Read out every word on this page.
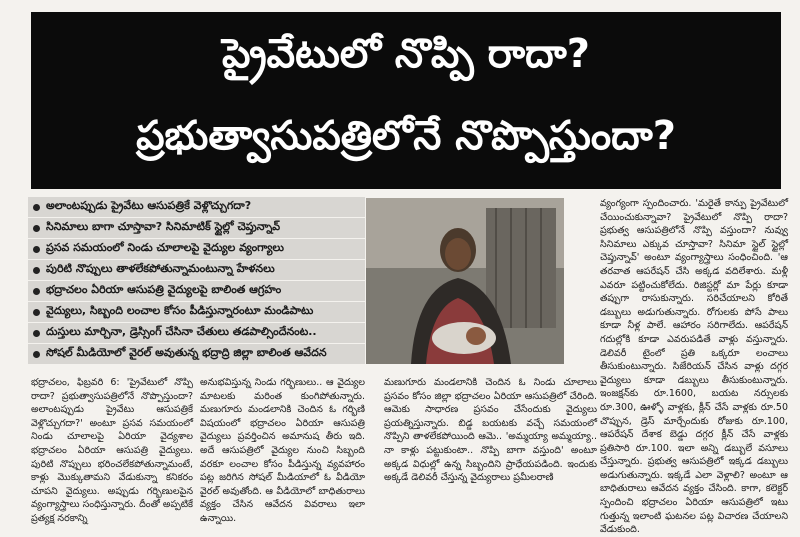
ప్రైవేటులో నొప్పి రాదా?
ప్రభుత్వాసుపత్రిలోనే నొప్పొస్తుందా?
అలాంటప్పుడు ప్రైవేటు ఆసుపత్రికే వెళ్లొచ్చుగదా?
సినిమాలు బాగా చూస్తావా? సినిమాటిక్ స్టైల్లో చెప్తున్నావ్
ప్రసవ సమయంలో నిండు చూలాలపై వైద్యుల వ్యంగ్యాలు
పురిటి నొప్పులు తాళలేకపోతున్నామంటున్నా హేళనలు
భద్రాచలం ఏరియా ఆసుపత్రి వైద్యులపై బాలింత ఆగ్రహం
వైద్యులు, సిబ్బంది లంచాల కోసం పీడిస్తున్నారంటూ మండిపాటు
దుస్తులు మార్చినా, డ్రెస్సింగ్ చేసినా చేతులు తడపాల్సిందేనంట..
సోషల్ మీడియోలో వైరల్ అవుతున్న భద్రాద్రి జిల్లా బాలింత ఆవేదన

భద్రాచలం, ఫిబ్రవరి 6: 'ప్రైవేటులో నొప్పి రాదా? ప్రభుత్వాసుపత్రిలోనే నొప్పొస్తుందా? అలాంటప్పుడు ప్రైవేటు ఆసుపత్రికే వెళ్లొచ్చుగదా?' అంటూ ప్రసవ సమయంలో నిండు చూలాలపై ఏరియా వైద్యశాల భద్రాచలం ఏరియా ఆసుపత్రి వైద్యులు. పురిటి నొప్పులు భరించలేకపోతున్నామంటే, కాళ్లు మొక్కుతామని వేడుకున్నా కనికరం చూపని వైద్యులు. అప్పుడు గర్భిణులపైన వ్యంగ్యాస్త్రాలు సంధిస్తున్నారు. దీంతో అప్పటికే ప్రత్యక్ష నరకాన్ని

అనుభవిస్తున్న నిండు గర్భిణులు.. ఆ వైద్యుల మాటలకు మరింత కుంగిపోతున్నారు. మణుగూరు మండలానికి చెందిన ఓ గర్భిణి విషయంలో భద్రాచలం ఏరియా ఆసుపత్రి వైద్యులు ప్రవర్తించిన అమానుష తీరు ఇది. అదే ఆసుపత్రిలో వైద్యుల నుంచి సిబ్బంది వరకూ లంచాల కోసం పీడిస్తున్న వ్యవహారం పట్ల జరిగిన సోషల్ మీడియాలో ఓ వీడియో వైరల్ అవుతోంది. ఆ వీడియోలో బాధితురాలు వ్యక్తం చేసిన ఆవేదన వివరాలు ఇలా ఉన్నాయి.

మణుగూరు మండలానికి చెందిన ఓ నిండు చూలాలు ప్రసవం కోసం జిల్లా భద్రాచలం ఏరియా ఆసుపత్రిలో చేరింది. ఆమెకు సాధారణ ప్రసవం చేసేందుకు వైద్యులు ప్రయత్నిస్తున్నారు. బిడ్డ బయటకు వచ్చే సమయంలో నొప్పిని తాళలేకపోయింది ఆమె.. 'అమ్మయ్యా అమ్మయ్యా.. నా కాళ్లు పట్టుకుంటా.. నొప్పి బాగా వస్తుంది' అంటూ అక్కడ విధుల్లో ఉన్న సిబ్బందిని ప్రాధేయపడింది. ఇందుకు అక్కడే డెలివరీ చేస్తున్న వైద్యురాలు ప్రమీలరాణి

వ్యంగ్యంగా స్పందించారు. 'మరైతే కాన్పు ప్రైవేటులో చేయించుకున్నావా? ప్రైవేటులో నొప్పి రాదా? ప్రభుత్వ ఆసుపత్రిలోనే నొప్పి వస్తుందా? నువ్వు సినిమాలు ఎక్కువ చూస్తావా? సినిమా స్టైల్ స్టైల్లో చెప్తున్నావ్' అంటూ వ్యంగ్యాస్త్రాలు సంధించింది. 'ఆ తరవాత ఆపరేషన్ చేసి అక్కడ వదిలేశారు. మళ్లీ ఎవరూ పట్టించుకోలేదు. రిజిస్టర్లో మా పేర్లు కూడా తప్పుగా రాసుకున్నారు. సరిచేయాలని కోరితే డబ్బులు అడుగుతున్నారు. రోగులకు పోసే పాలు కూడా నీళ్ల పాలే. ఆహారం సరిగాలేదు. ఆపరేషన్ గదుల్లోకి కూడా ఎవరుపడితే వాళ్లు వస్తున్నారు. డెలివరీ టైంలో ప్రతి ఒక్కరూ లంచాలు తీసుకుంటున్నారు. సిజేరియన్ చేసిన వాళ్లు దగ్గర వైద్యులు కూడా డబ్బులు తీసుకుంటున్నారు. ఇంజక్షన్‌కు రూ.1600, బయట నర్సులకు రూ.300, ఊళ్ళో వాళ్లకు, క్లీన్ చేసే వాళ్లకు రూ.50 చొప్పున, డ్రెస్ మార్చేందుకు రోజుకు రూ.100, ఆపరేషన్ దేశాక బెడ్డు దగ్గర క్లీన్ చేసే వాళ్లకు ప్రతిసారి రూ.100. ఇలా అన్ని డబ్బులే వసూలు చేస్తున్నారు. ప్రభుత్వ ఆసుపత్రిలో ఇక్కడ డబ్బులు అడుగుతున్నారు. ఇక్కడే ఎలా వెళ్లాలి? అంటూ ఆ బాధితురాలు ఆవేదన వ్యక్తం చేసింది. కాగా, కలెక్టర్ స్పందించి భద్రాచలం ఏరియా ఆసుపత్రిలో ఇటు గుత్తున్న ఇలాంటి ఘటనల పట్ల విచారణ చేయాలని వేడుకుంది.
